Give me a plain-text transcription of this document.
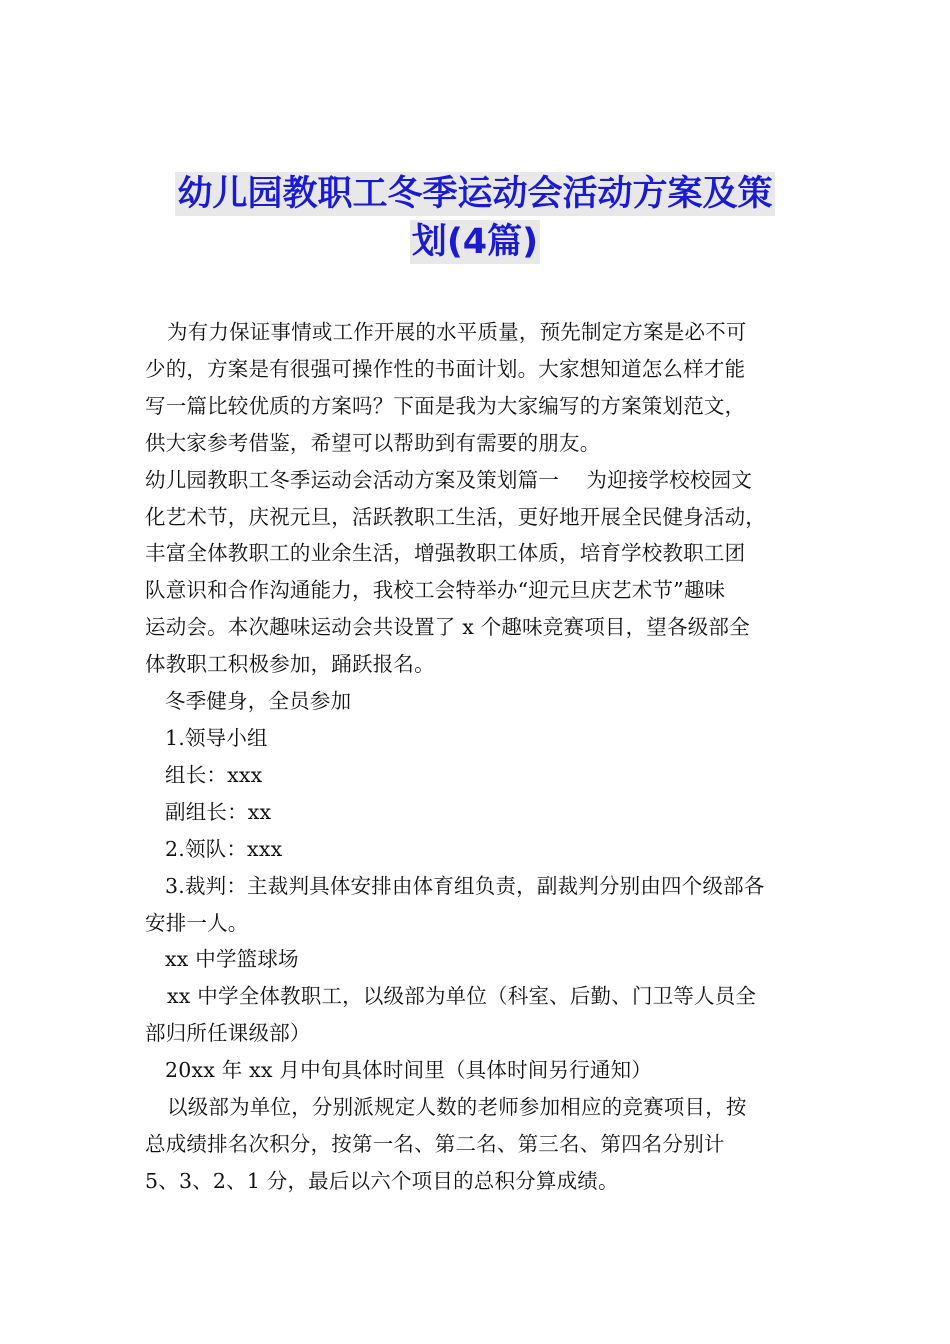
幼儿园教职工冬季运动会活动方案及策
划(4篇)

为有力保证事情或工作开展的水平质量，预先制定方案是必不可

少的，方案是有很强可操作性的书面计划。大家想知道怎么样才能

写一篇比较优质的方案吗？下面是我为大家编写的方案策划范文，

供大家参考借鉴，希望可以帮助到有需要的朋友。

幼儿园教职工冬季运动会活动方案及策划篇一　 为迎接学校校园文

化艺术节，庆祝元旦，活跃教职工生活，更好地开展全民健身活动，

丰富全体教职工的业余生活，增强教职工体质，培育学校教职工团

队意识和合作沟通能力，我校工会特举办“迎元旦庆艺术节”趣味

运动会。本次趣味运动会共设置了 x 个趣味竞赛项目，望各级部全

体教职工积极参加，踊跃报名。

冬季健身，全员参加

1.领导小组

组长：xxx

副组长：xx

2.领队：xxx

3.裁判：主裁判具体安排由体育组负责，副裁判分别由四个级部各

安排一人。

xx 中学篮球场

xx 中学全体教职工，以级部为单位（科室、后勤、门卫等人员全

部归所任课级部）

20xx 年 xx 月中旬具体时间里（具体时间另行通知）

以级部为单位，分别派规定人数的老师参加相应的竞赛项目，按

总成绩排名次积分，按第一名、第二名、第三名、第四名分别计

5、3、2、1 分，最后以六个项目的总积分算成绩。
